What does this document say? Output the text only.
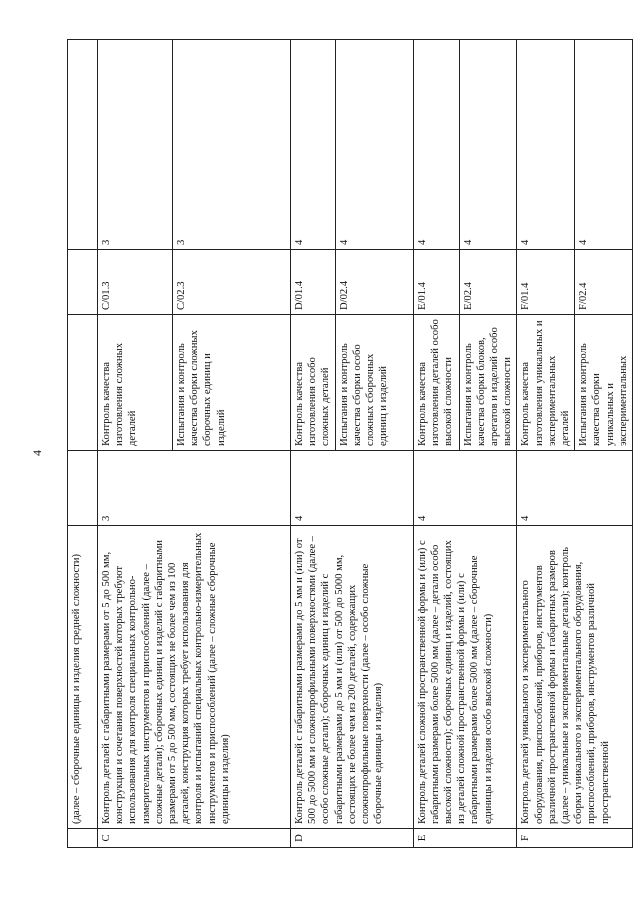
4

	(далее – сборочные единицы и изделия средней сложности)				

C	Контроль деталей с габаритными размерами от 5 до 500 мм, конструкция и сочетания поверхностей которых требуют использования для контроля специальных контрольно-измерительных инструментов и приспособлений (далее – сложные детали); сборочных единиц и изделий с габаритными размерами от 5 до 500 мм, состоящих не более чем из 100 деталей, конструкция которых требует использования для контроля и испытаний специальных контрольно-измерительных инструментов и приспособлений (далее – сложные сборочные единицы и изделия)	3	Контроль качества изготовления сложных деталей	C/01.3	3
			Испытания и контроль качества сборки сложных сборочных единиц и изделий	C/02.3	3
D	Контроль деталей с габаритными размерами до 5 мм и (или) от 500 до 5000 мм и сложнопрофильными поверхностями (далее – особо сложные детали); сборочных единиц и изделий с габаритными размерами до 5 мм и (или) от 500 до 5000 мм, состоящих не более чем из 200 деталей, содержащих сложнопрофильные поверхности (далее – особо сложные сборочные единицы и изделия)	4	Контроль качества изготовления особо сложных деталей	D/01.4	4
			Испытания и контроль качества сборки особо сложных сборочных единиц и изделий	D/02.4	4
E	Контроль деталей сложной пространственной формы и (или) с габаритными размерами более 5000 мм (далее – детали особо высокой сложности); сборочных единиц и изделий, состоящих из деталей сложной пространственной формы и (или) с габаритными размерами более 5000 мм (далее – сборочные единицы и изделия особо высокой сложности)	4	Контроль качества изготовления деталей особо высокой сложности	E/01.4	4
			Испытания и контроль качества сборки блоков, агрегатов и изделий особо высокой сложности	E/02.4	4
F	Контроль деталей уникального и экспериментального оборудования, приспособлений, приборов, инструментов различной пространственной формы и габаритных размеров (далее – уникальные и экспериментальные детали); контроль сборки уникального и экспериментального оборудования, приспособлений, приборов, инструментов различной пространственной	4	Контроль качества изготовления уникальных и экспериментальных деталей	F/01.4	4
			Испытания и контроль качества сборки уникальных и экспериментальных	F/02.4	4
